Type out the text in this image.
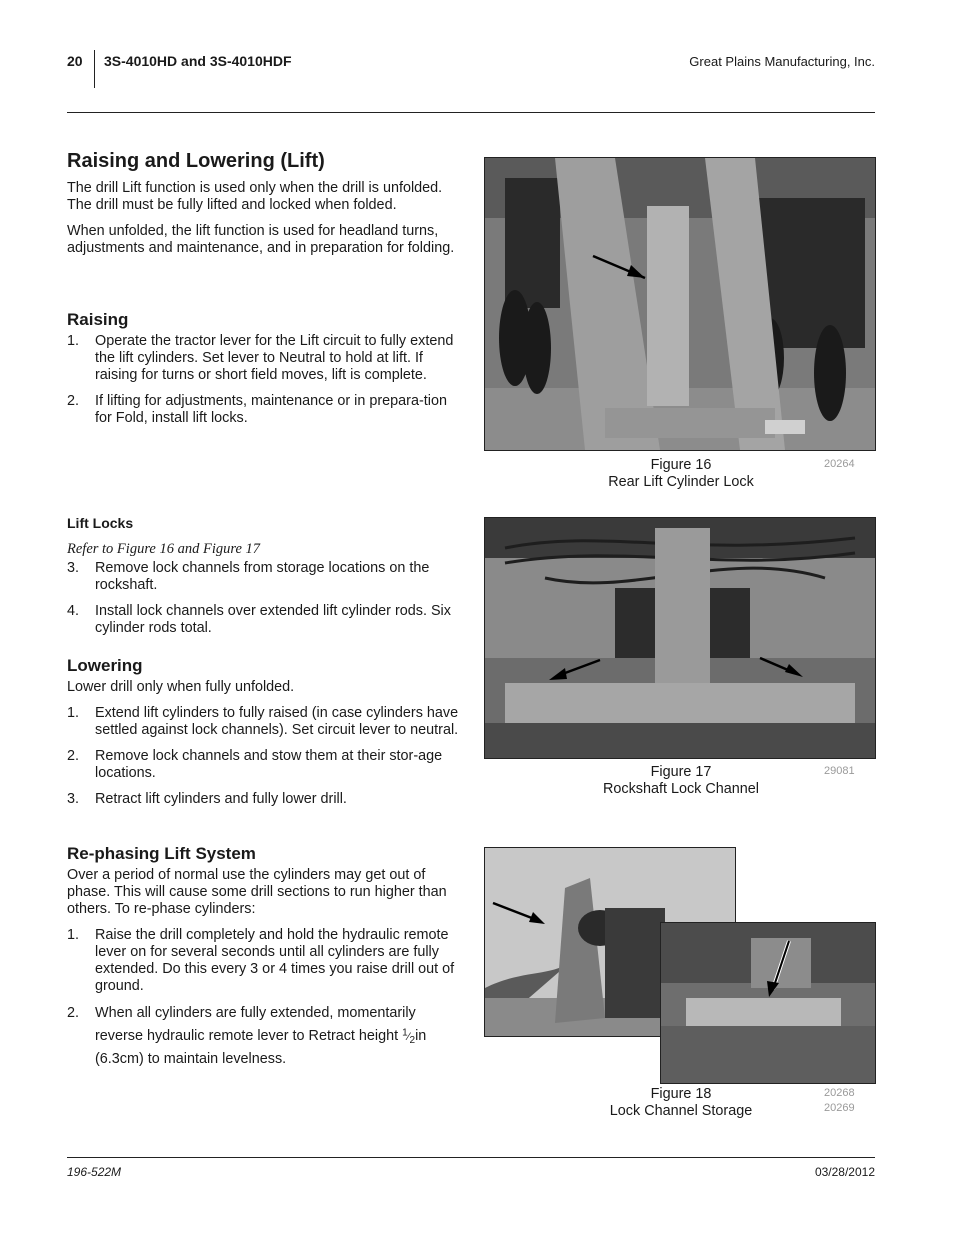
20 3S-4010HD and 3S-4010HDF	Great Plains Manufacturing, Inc.
Raising and Lowering (Lift)

The drill Lift function is used only when the drill is unfolded. The drill must be fully lifted and locked when folded.

When unfolded, the lift function is used for headland turns, adjustments and maintenance, and in preparation for folding.

Raising
1. Operate the tractor lever for the Lift circuit to fully extend the lift cylinders. Set lever to Neutral to hold at lift. If raising for turns or short field moves, lift is complete.
2. If lifting for adjustments, maintenance or in prepara-tion for Fold, install lift locks.
Lift Locks

Refer to Figure 16 and Figure 17

3. Remove lock channels from storage locations on the rockshaft.
4. Install lock channels over extended lift cylinder rods. Six cylinder rods total.
Lowering

Lower drill only when fully unfolded.

1. Extend lift cylinders to fully raised (in case cylinders have settled against lock channels). Set circuit lever to neutral.
2. Remove lock channels and stow them at their stor-age locations.
3. Retract lift cylinders and fully lower drill.
Re-phasing Lift System

Over a period of normal use the cylinders may get out of phase. This will cause some drill sections to run higher than others. To re-phase cylinders:

1. Raise the drill completely and hold the hydraulic remote lever on for several seconds until all cylinders are fully extended. Do this every 3 or 4 times you raise drill out of ground.
2. When all cylinders are fully extended, momentarily reverse hydraulic remote lever to Retract height $^1⁄_2in$ (6.3cm) to maintain levelness.
Figure 16
Rear Lift Cylinder Lock
20264
Figure 17
Rockshaft Lock Channel
29081
Figure 18
Lock Channel Storage
20268
20269
196-522M	03/28/2012
